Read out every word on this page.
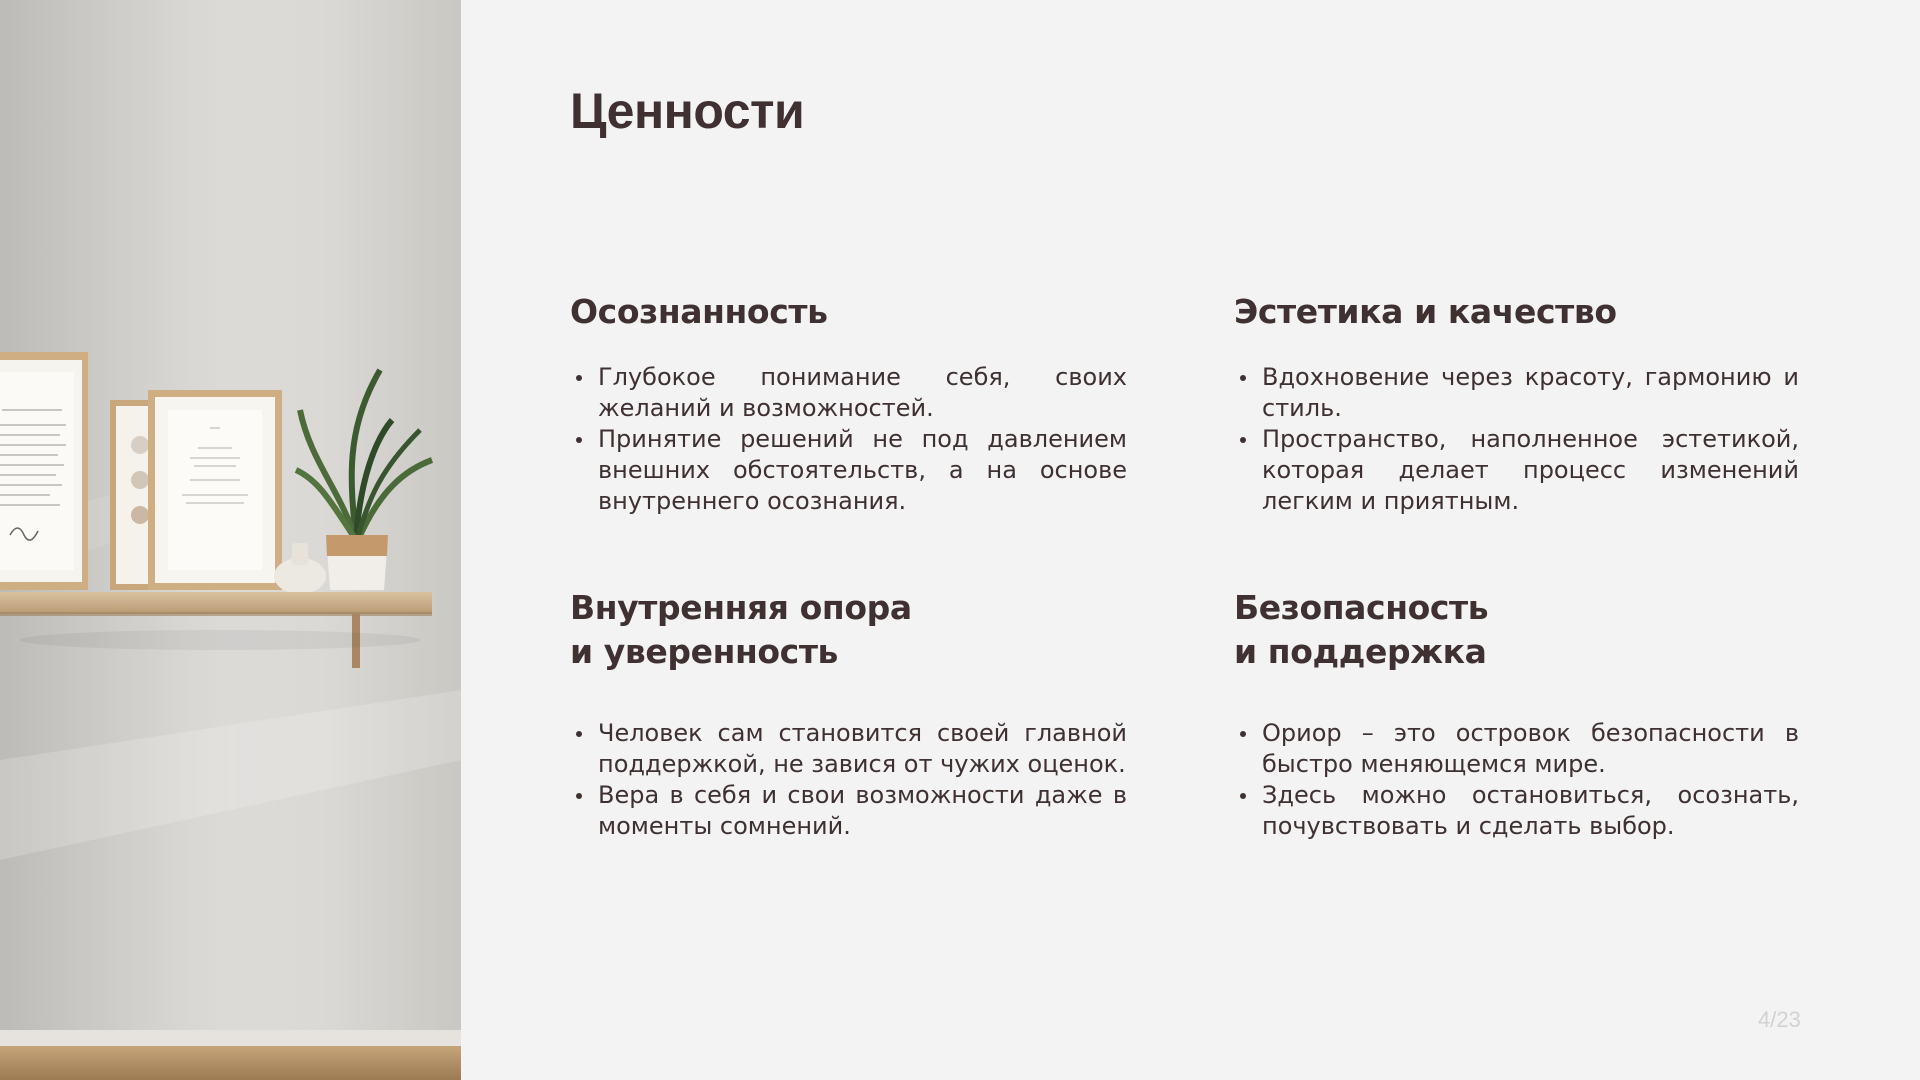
Ценности
Осознанность
Глубокое понимание себя, своих желаний и возможностей.
Принятие решений не под давлением внешних обстоятельств, а на основе внутреннего осознания.
Эстетика и качество
Вдохновение через красоту, гармонию и стиль.
Пространство, наполненное эстетикой, которая делает процесс изменений легким и приятным.
Внутренняя опора
и уверенность
Человек сам становится своей главной поддержкой, не завися от чужих оценок.
Вера в себя и свои возможности даже в моменты сомнений.
Безопасность
и поддержка
Ориор – это островок безопасности в быстро меняющемся мире.
Здесь можно остановиться, осознать, почувствовать и сделать выбор.
4/23
